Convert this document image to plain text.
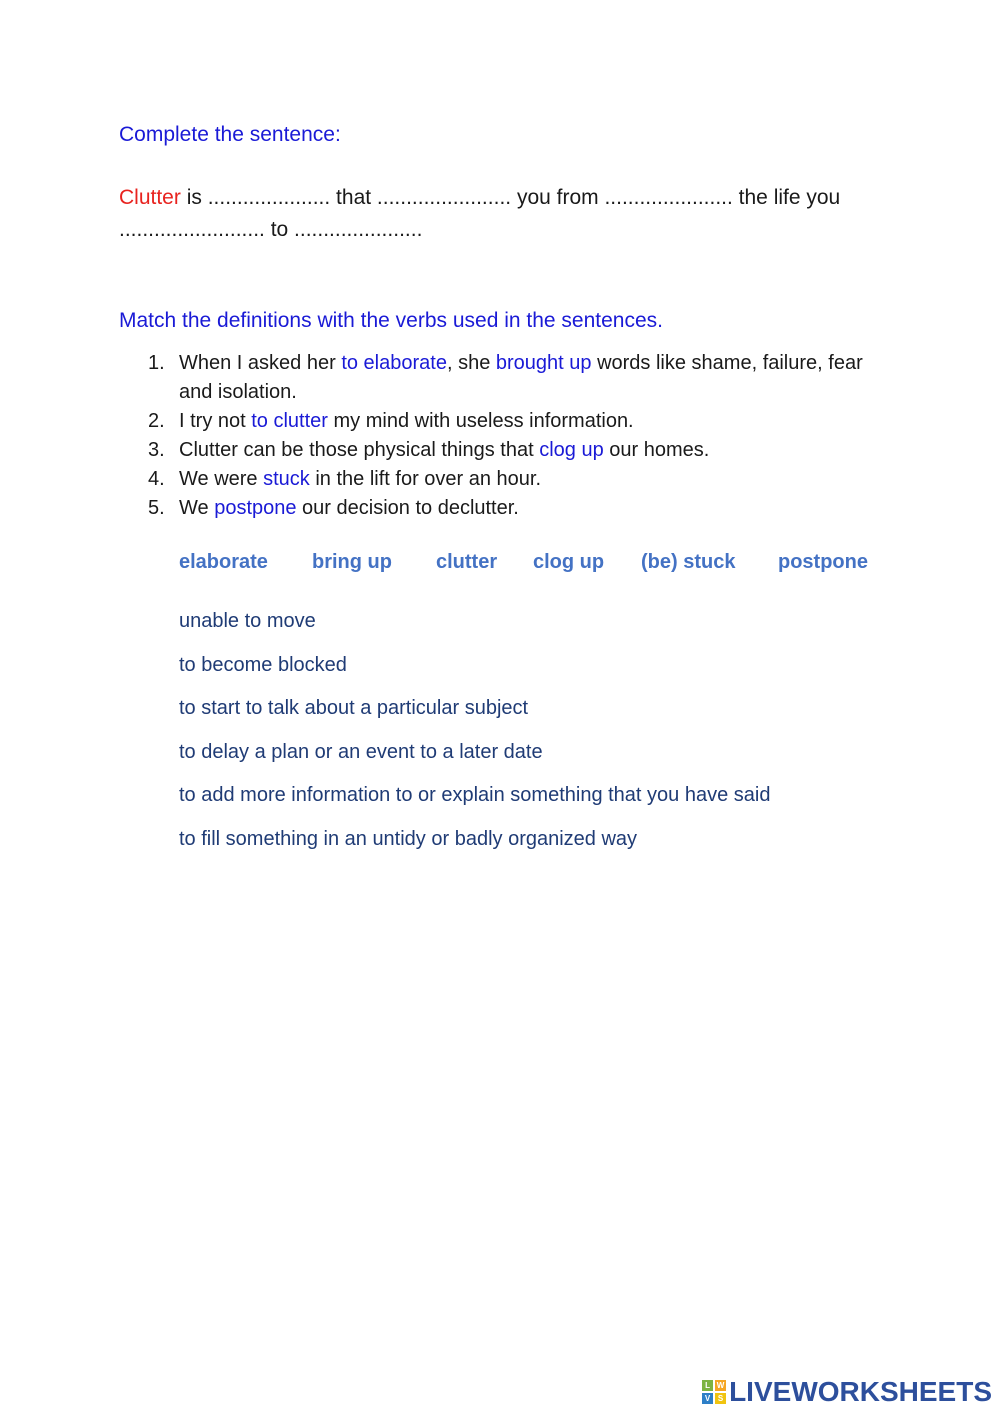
Complete the sentence:
Clutter is ..................... that ....................... you from ...................... the life you
......................... to ......................
Match the definitions with the verbs used in the sentences.
1. When I asked her to elaborate, she brought up words like shame, failure, fear and isolation.
2. I try not to clutter my mind with useless information.
3. Clutter can be those physical things that clog up our homes.
4. We were stuck in the lift for over an hour.
5. We postpone our decision to declutter.
elaborate bring up clutter clog up (be) stuck postpone
unable to move
to become blocked
to start to talk about a particular subject
to delay a plan or an event to a later date
to add more information to or explain something that you have said
to fill something in an untidy or badly organized way
L W
V S LIVEWORKSHEETS
